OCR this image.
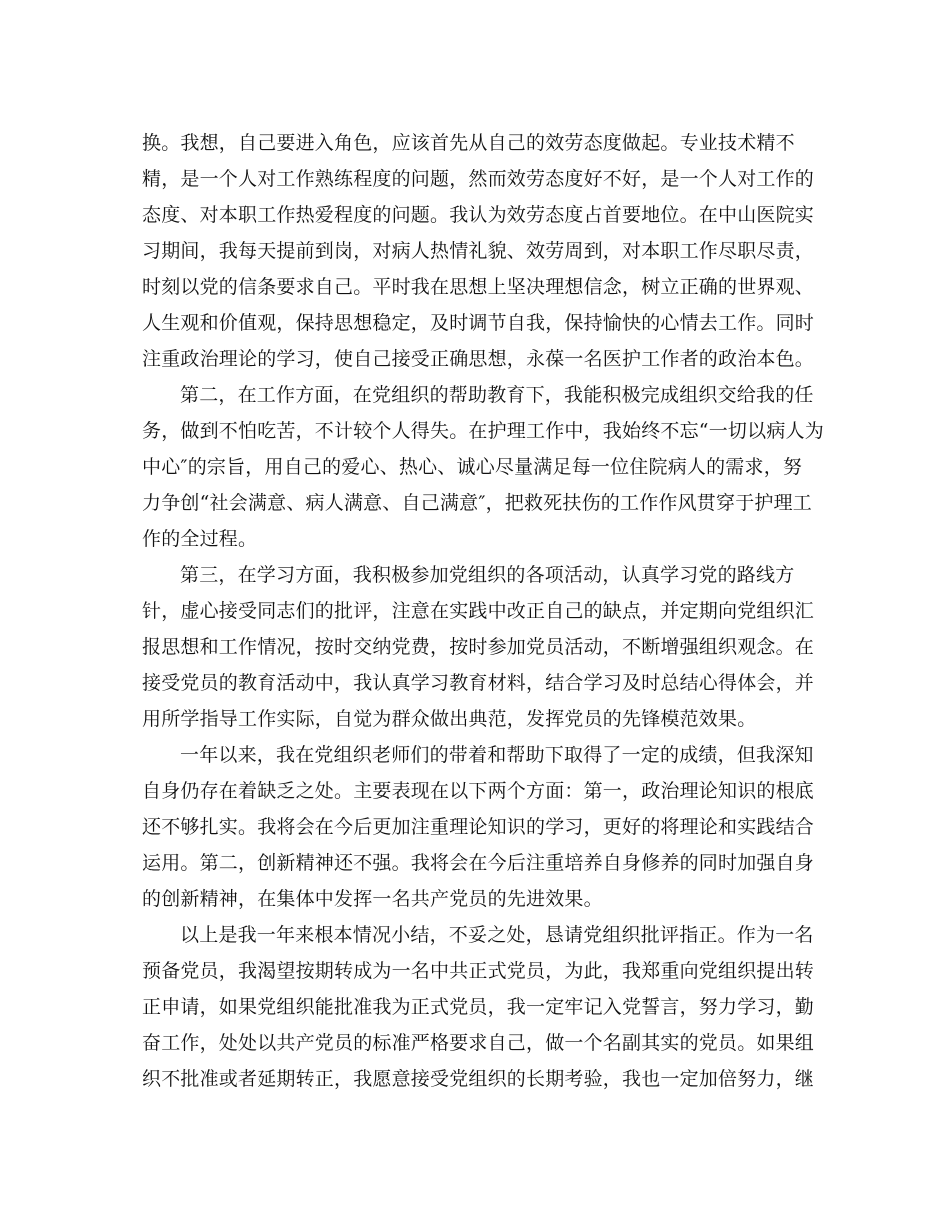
换。我想，自己要进入角色，应该首先从自己的效劳态度做起。专业技术精不
精，是一个人对工作熟练程度的问题，然而效劳态度好不好，是一个人对工作的
态度、对本职工作热爱程度的问题。我认为效劳态度占首要地位。在中山医院实
习期间，我每天提前到岗，对病人热情礼貌、效劳周到，对本职工作尽职尽责，
时刻以党的信条要求自己。平时我在思想上坚决理想信念，树立正确的世界观、
人生观和价值观，保持思想稳定，及时调节自我，保持愉快的心情去工作。同时
注重政治理论的学习，使自己接受正确思想，永葆一名医护工作者的政治本色。
第二，在工作方面，在党组织的帮助教育下，我能积极完成组织交给我的任
务，做到不怕吃苦，不计较个人得失。在护理工作中，我始终不忘“一切以病人为
中心″的宗旨，用自己的爱心、热心、诚心尽量满足每一位住院病人的需求，努
力争创“社会满意、病人满意、自己满意″，把救死扶伤的工作作风贯穿于护理工
作的全过程。
第三，在学习方面，我积极参加党组织的各项活动，认真学习党的路线方
针，虚心接受同志们的批评，注意在实践中改正自己的缺点，并定期向党组织汇
报思想和工作情况，按时交纳党费，按时参加党员活动，不断增强组织观念。在
接受党员的教育活动中，我认真学习教育材料，结合学习及时总结心得体会，并
用所学指导工作实际，自觉为群众做出典范，发挥党员的先锋模范效果。
一年以来，我在党组织老师们的带着和帮助下取得了一定的成绩，但我深知
自身仍存在着缺乏之处。主要表现在以下两个方面：第一，政治理论知识的根底
还不够扎实。我将会在今后更加注重理论知识的学习，更好的将理论和实践结合
运用。第二，创新精神还不强。我将会在今后注重培养自身修养的同时加强自身
的创新精神，在集体中发挥一名共产党员的先进效果。
以上是我一年来根本情况小结，不妥之处，恳请党组织批评指正。作为一名
预备党员，我渴望按期转成为一名中共正式党员，为此，我郑重向党组织提出转
正申请，如果党组织能批准我为正式党员，我一定牢记入党誓言，努力学习，勤
奋工作，处处以共产党员的标准严格要求自己，做一个名副其实的党员。如果组
织不批准或者延期转正，我愿意接受党组织的长期考验，我也一定加倍努力，继
